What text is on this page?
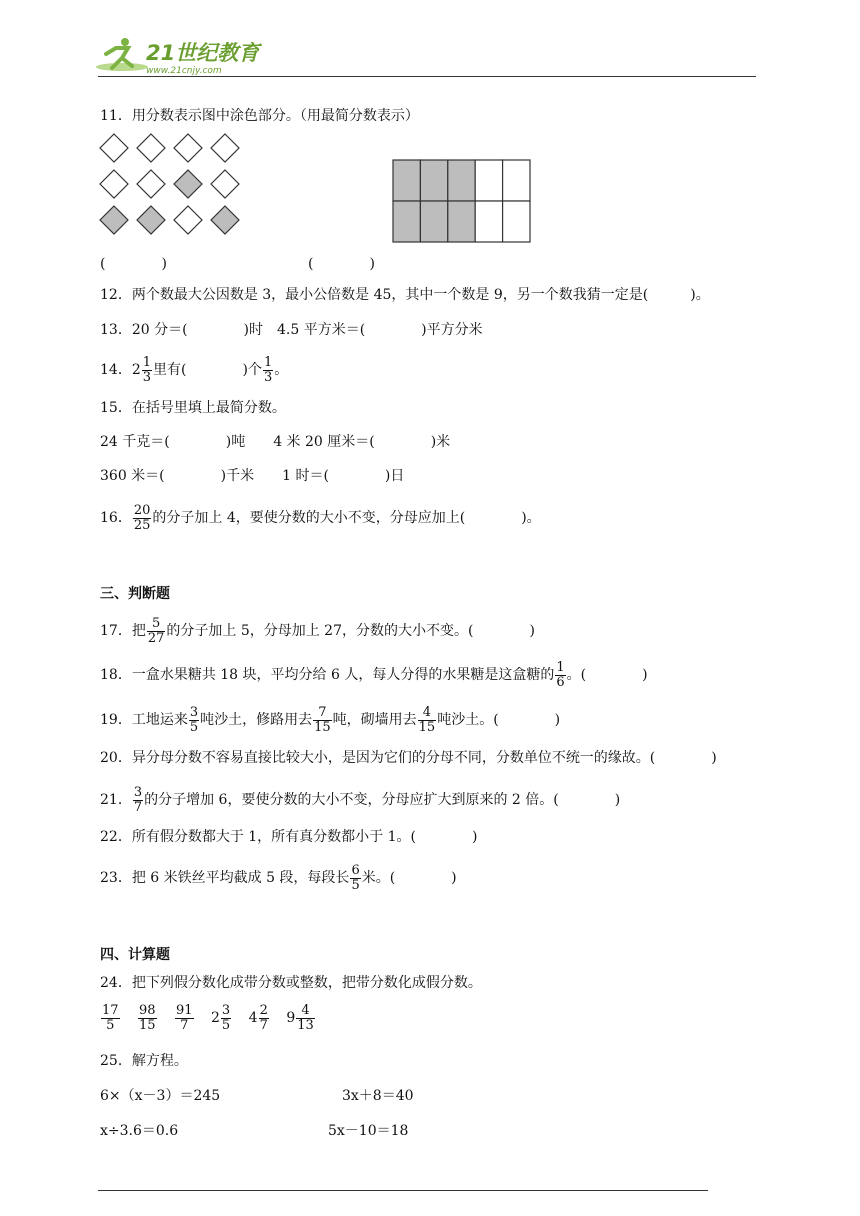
21世纪教育
www.21cnjy.com
11．用分数表示图中涂色部分。（用最简分数表示）
(　　　　)	(　　　　)
12．两个数最大公因数是 3，最小公倍数是 45，其中一个数是 9，另一个数我猜一定是(　　　)。
13．20 分＝(　　　　)时　4.5 平方米＝(　　　　)平方分米
14．$2 \frac{1}{3}$ 里有(　　　　)个 $\frac{1}{3}$ 。
15．在括号里填上最简分数。
24 千克＝(　　　　)吨　　4 米 20 厘米＝(　　　　)米
360 米＝(　　　　)千米　　1 时＝(　　　　)日
16． $\frac{20}{25}$ 的分子加上 4，要使分数的大小不变，分母应加上(　　　　)。
三、判断题
17．把 $\frac{5}{27}$ 的分子加上 5，分母加上 27，分数的大小不变。(　　　　)
18．一盒水果糖共 18 块，平均分给 6 人，每人分得的水果糖是这盒糖的 $\frac{1}{6}$ 。(　　　　)
19．工地运来 $\frac{3}{5}$ 吨沙土，修路用去 $\frac{7}{15}$ 吨，砌墙用去 $\frac{4}{15}$ 吨沙土。(　　　　)
20．异分母分数不容易直接比较大小，是因为它们的分母不同，分数单位不统一的缘故。(　　　　)
21． $\frac{3}{7}$ 的分子增加 6，要使分数的大小不变，分母应扩大到原来的 2 倍。(　　　　)
22．所有假分数都大于 1，所有真分数都小于 1。(　　　　)
23．把 6 米铁丝平均截成 5 段，每段长 $\frac{6}{5}$ 米。(　　　　)
四、计算题
24．把下列假分数化成带分数或整数，把带分数化成假分数。
$\frac{17}{5}$
$\frac{98}{15}$
$\frac{91}{7} 2 \frac{3}{5} 4 \frac{2}{7} 9 \frac{4}{13}$
25．解方程。
6×（x－3）＝245	3x＋8＝40
x÷3.6＝0.6	5x－10＝18
